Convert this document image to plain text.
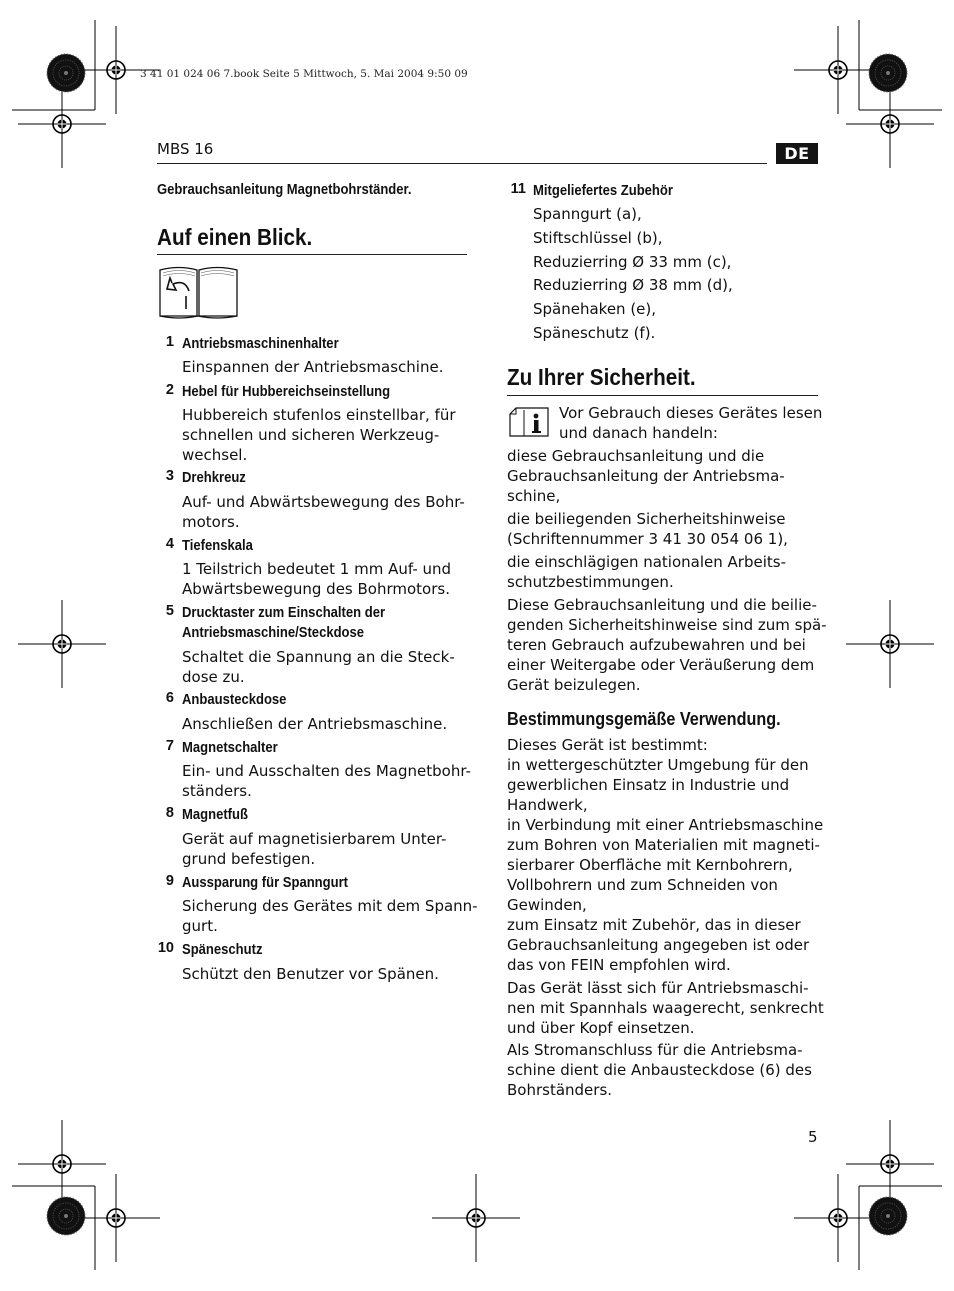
3 41 01 024 06 7.book Seite 5 Mittwoch, 5. Mai 2004 9:50 09
MBS 16	DE
Gebrauchsanleitung Magnetbohrständer.
Auf einen Blick.
1 Antriebsmaschinenhalter
Einspannen der Antriebsmaschine.
2 Hebel für Hubbereichseinstellung
Hubbereich stufenlos einstellbar, für
schnellen und sicheren Werkzeug-
wechsel.
3 Drehkreuz
Auf- und Abwärtsbewegung des Bohr-
motors.
4 Tiefenskala
1 Teilstrich bedeutet 1 mm Auf- und
Abwärtsbewegung des Bohrmotors.
5 Drucktaster zum Einschalten der
Antriebsmaschine/Steckdose
Schaltet die Spannung an die Steck-
dose zu.
6 Anbausteckdose
Anschließen der Antriebsmaschine.
7 Magnetschalter
Ein- und Ausschalten des Magnetbohr-
ständers.
8 Magnetfuß
Gerät auf magnetisierbarem Unter-
grund befestigen.
9 Aussparung für Spanngurt
Sicherung des Gerätes mit dem Spann-
gurt.
10 Späneschutz
Schützt den Benutzer vor Spänen.
11 Mitgeliefertes Zubehör
Spanngurt (a),
Stiftschlüssel (b),
Reduzierring Ø 33 mm (c),
Reduzierring Ø 38 mm (d),
Spänehaken (e),
Späneschutz (f).
Zu Ihrer Sicherheit.
Vor Gebrauch dieses Gerätes lesen
und danach handeln:
diese Gebrauchsanleitung und die
Gebrauchsanleitung der Antriebsma-
schine,
die beiliegenden Sicherheitshinweise
(Schriftennummer 3 41 30 054 06 1),
die einschlägigen nationalen Arbeits-
schutzbestimmungen.
Diese Gebrauchsanleitung und die beilie-
genden Sicherheitshinweise sind zum spä-
teren Gebrauch aufzubewahren und bei
einer Weitergabe oder Veräußerung dem
Gerät beizulegen.
Bestimmungsgemäße Verwendung.
Dieses Gerät ist bestimmt:
in wettergeschützter Umgebung für den
gewerblichen Einsatz in Industrie und
Handwerk,
in Verbindung mit einer Antriebsmaschine
zum Bohren von Materialien mit magneti-
sierbarer Oberfläche mit Kernbohrern,
Vollbohrern und zum Schneiden von
Gewinden,
zum Einsatz mit Zubehör, das in dieser
Gebrauchsanleitung angegeben ist oder
das von FEIN empfohlen wird.
Das Gerät lässt sich für Antriebsmaschi-
nen mit Spannhals waagerecht, senkrecht
und über Kopf einsetzen.
Als Stromanschluss für die Antriebsma-
schine dient die Anbausteckdose (6) des
Bohrständers.
5
